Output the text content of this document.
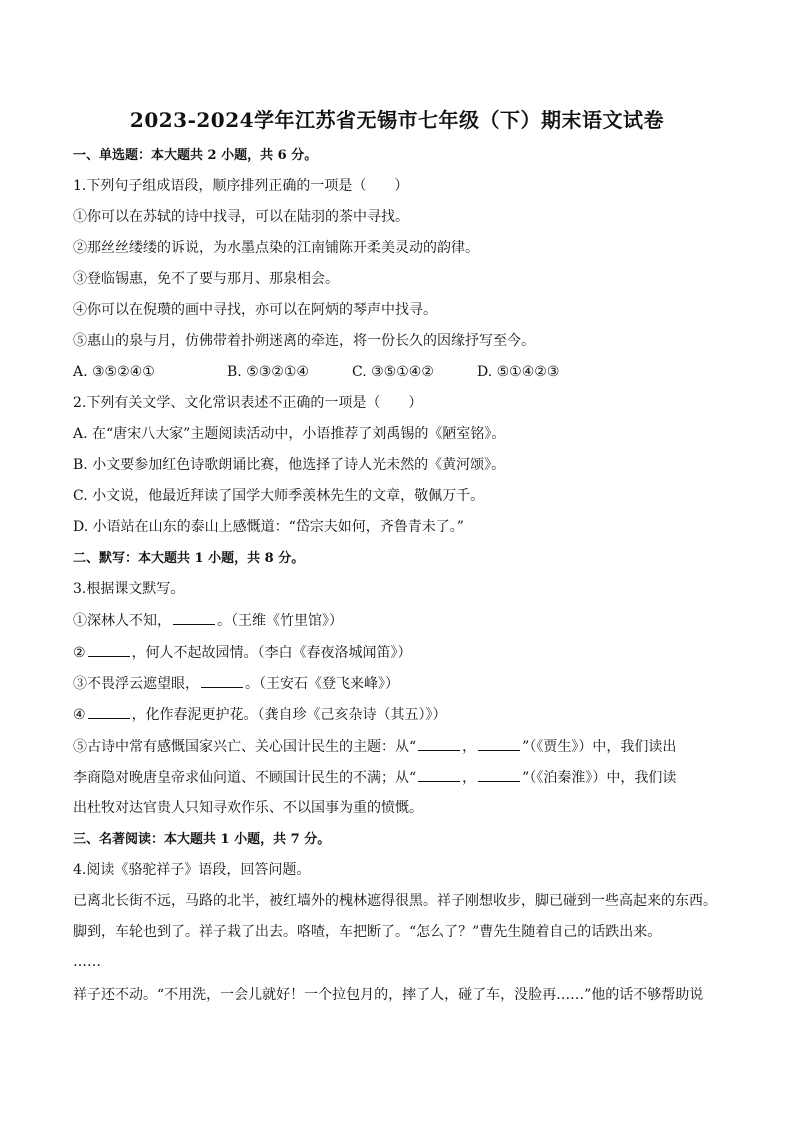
2023-2024学年江苏省无锡市七年级（下）期末语文试卷
一、单选题：本大题共 2 小题，共 6 分。
1.下列句子组成语段，顺序排列正确的一项是（　　）
①你可以在苏轼的诗中找寻，可以在陆羽的茶中寻找。
②那丝丝缕缕的诉说，为水墨点染的江南铺陈开柔美灵动的韵律。
③登临锡惠，免不了要与那月、那泉相会。
④你可以在倪瓒的画中寻找，亦可以在阿炳的琴声中找寻。
⑤惠山的泉与月，仿佛带着扑朔迷离的牵连，将一份长久的因缘抒写至今。
A. ③⑤②④①	B. ⑤③②①④	C. ③⑤①④②	D. ⑤①④②③
2.下列有关文学、文化常识表述不正确的一项是（　　）
A. 在“唐宋八大家”主题阅读活动中，小语推荐了刘禹锡的《陋室铭》。
B. 小文要参加红色诗歌朗诵比赛，他选择了诗人光未然的《黄河颂》。
C. 小文说，他最近拜读了国学大师季羡林先生的文章，敬佩万千。
D. 小语站在山东的泰山上感慨道：“岱宗夫如何，齐鲁青未了。”
二、默写：本大题共 1 小题，共 8 分。
3.根据课文默写。
①深林人不知，	。（王维《竹里馆》）
②	，何人不起故园情。（李白《春夜洛城闻笛》）
③不畏浮云遮望眼，	。（王安石《登飞来峰》）
④	，化作春泥更护花。（龚自珍《己亥杂诗（其五）》）
⑤古诗中常有感慨国家兴亡、关心国计民生的主题：从“	，	”（《贾生》）中，我们读出
李商隐对晚唐皇帝求仙问道、不顾国计民生的不满；从“	，	”（《泊秦淮》）中，我们读
出杜牧对达官贵人只知寻欢作乐、不以国事为重的愤慨。
三、名著阅读：本大题共 1 小题，共 7 分。
4.阅读《骆驼祥子》语段，回答问题。
已离北长街不远，马路的北半，被红墙外的槐林遮得很黑。祥子刚想收步，脚已碰到一些高起来的东西。
脚到，车轮也到了。祥子栽了出去。咯喳，车把断了。“怎么了？”曹先生随着自己的话跌出来。
……
祥子还不动。“不用洗，一会儿就好！一个拉包月的，摔了人，碰了车，没脸再……”他的话不够帮助说
